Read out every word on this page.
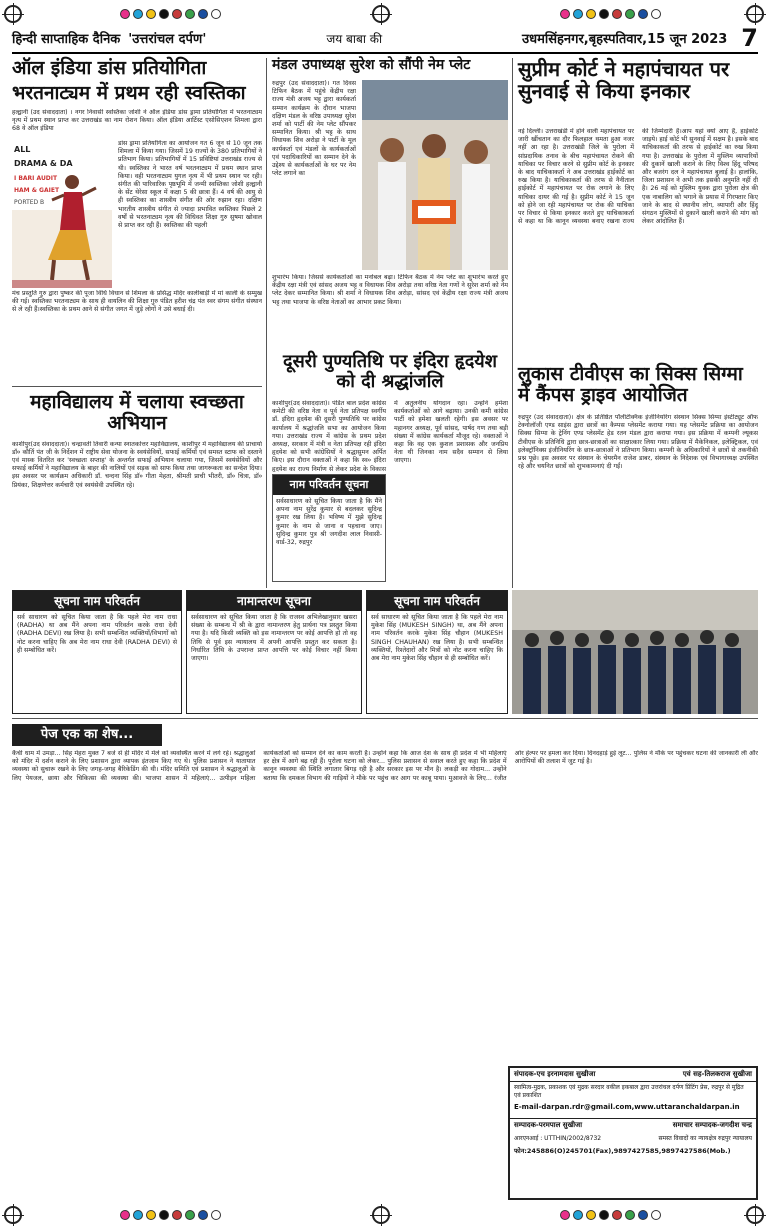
हिन्दी साप्ताहिक दैनिक 'उत्तरांचल दर्पण'	जय बाबा की	उधमसिंहनगर,बृहस्पतिवार,15 जून 2023 7
ऑल इंडिया डांस प्रतियोगिता
भरतनाट्यम में प्रथम रही स्वस्तिका
हल्द्वानी (उद संवाददाता) । नगर निवासी स्वस्तिका जोशी ने ऑल इंडिया डांस ड्रामा प्रतियोगिता में भरतनाट्यम नृत्य में प्रथम स्थान प्राप्त कर उत्तराखंड का नाम रोशन किया। ऑल इंडिया आर्टिस्ट एसोसिएशन शिमला द्वारा 68 वे ऑल इंडिया
ALL
DRAMA & DA
I BARI AUDIT
HAM & GAIET
PORTED B
डांस ड्रामा प्रतियोगिता का आयोजन गत 6 जून से 10 जून तक शिमला में किया गया। जिसमें 19 राज्यों के 380 प्रतिभागियों ने प्रतिभाग किया। प्रतिभागियों में 15 प्रविष्टियां उत्तराखंड राज्य से थी। स्वस्तिका ने भारत वर्ष भरतनाट्यम में प्रथम स्थान प्राप्त किया। वही भरतनाट्यम युगल नृत्य में भी प्रथम स्थान पर रही। संगीत की पारिवारिक पृष्ठभूमि में जन्मी स्वस्तिका जोशी हल्द्वानी के सेंट थेरेसा स्कूल में कक्षा 5 की छात्रा हैं। 4 वर्ष की आयु से ही स्वस्तिका का शास्त्रीय संगीत की ओर रुझान रहा। दक्षिण भारतीय शास्त्रीय संगीत से ज्यादा प्रभावित स्वस्तिका पिछले 2 वर्षों से भरतनाट्यम नृत्य की विधिवत शिक्षा गुरु सुषमा खोवाल से प्राप्त कर रही हैं। स्वस्तिका की पहली
मंच प्रस्तुति गुरु द्वारा पुष्कर की पूजा विधि विधान से शिमला के प्रसिद्ध मंदिर कालीबाड़ी में मां काली के सम्मुख की गई। स्वस्तिका भरतनाट्यम के साथ ही वायलिन की शिक्षा गुरु पंडित हरीश चंद्र पंत स्वर संगम संगीत संस्थान से ले रही हैं।स्वस्तिका के प्रथम आने से संगीत जगत में जुड़े लोगों ने उसे बधाई दी।
महाविद्यालय में चलाया स्वच्छता अभियान
काशीपुर(उद संवाददाता)। चन्द्रावती तिवारी कन्या स्नातकोत्तर महाविद्यालय, काशीपुर में महाविद्यालय की प्राचार्या डॉ० कौर्ति पंत जी के निर्देशन में राष्ट्रीय सेवा योजना के स्वयंसेवियों, सफाई कर्मियों एवं समस्त स्टाफ को दस्ताने एवं मास्क वितरित कर 'स्वच्छता सप्ताह' के अन्तर्गत सफाई अभियान चलाया गया, जिसमें स्वयंसेवियों और सफाई कर्मियों ने महाविद्यालय के बाहर की नालियों एवं सड़क को साफ किया तथा जागरूकता का सन्देश दिया। इस अवसर पर कार्यक्रम अधिकारी डॉ. चन्दना सिंह डॉ० गीता मेहता, श्रीमती प्राची भीतरी, डॉ० चित्रा, डॉ० प्रियंका, शिक्षणेत्तर कर्मचारी एवं स्वयंसेवी उपस्थित रहे।
मंडल उपाध्यक्ष सुरेश को सौंपी नेम प्लेट
रुद्रपुर (उद संवाददाता)। गत दिवस टिफिन बैठक में पहुंचे केंद्रीय रक्षा राज्य मंत्री अजय भट्ट द्वारा कार्यकर्ता सम्मान कार्यक्रम के दौरान भाजपा दक्षिण मंडल के वरिष्ठ उपाध्यक्ष सुरेश शर्मा को पार्टी की नेम प्लेट सौंपकर सम्मानित किया। श्री भट्ट के साथ विधायक शिव अरोड़ा ने पार्टी के मूल कार्यकर्ता एवं मंडलों के कार्यकर्ताओं एवं पदाधिकारियों का सम्मान देने के उद्देश्य से कार्यकर्ताओं के घर पर नेम प्लेट लगाने का
शुभारंभ किया। जिससे कार्यकर्ताओं का मनोबल बढ़ा। टिफिन बैठक में नेम प्लेट का शुभारंभ करते हुए केंद्रीय रक्षा मंत्री एवं सांसद अजय भट्ट व विधायक शिव अरोड़ा तथा वरिष्ठ नेता गणों ने सुरेश शर्मा को नेम प्लेट देकर सम्मानित किया। श्री शर्मा ने विधायक शिव अरोड़ा, सांसद एवं केंद्रीय रक्षा राज्य मंत्री अजय भट्ट तथा भाजपा के वरिष्ठ नेताओं का आभार प्रकट किया।
दूसरी पुण्यतिथि पर इंदिरा हृदयेश को दी श्रद्धांजलि
काशीपुर(उद संवाददाता)। पंडित बाल प्रदेश कांग्रेस कमेटी की वरिष्ठ नेता व पूर्व नेता प्रतिपक्ष स्वर्गीय डॉ. इंदिरा हृदयेश की दूसरी पुण्यतिथि पर कांग्रेस कार्यालय में श्रद्धांजलि सभा का आयोजन किया गया। उत्तराखंड राज्य में कांग्रेस के प्रथम प्रदेश अध्यक्ष, सरकार में मंत्री व नेता प्रतिपक्ष रही इंदिरा हृदयेश को सभी कांग्रेसियों ने श्रद्धासुमन अर्पित किए। इस दौरान वक्ताओं ने कहा कि स्व० इंदिरा हृदयेश का राज्य निर्माण से लेकर प्रदेश के विकास में अतुलनीय योगदान रहा। उन्होंने हमेशा कार्यकर्ताओं को आगे बढ़ाया। उनकी कमी कांग्रेस पार्टी को हमेशा खलती रहेगी। इस अवसर पर महानगर अध्यक्ष, पूर्व सांसद, पार्षद गण तथा बड़ी संख्या में कांग्रेस कार्यकर्ता मौजूद रहे। वक्ताओं ने कहा कि वह एक कुशल प्रशासक और जनप्रिय नेता थी जिनका नाम सदैव सम्मान से लिया जाएगा।
नाम परिवर्तन सूचना
सर्वसाधारण को सूचित किया जाता है कि मैंने अपना नाम सुरेंद्र कुमार से बदलकर सुदिन्द्र कुमार रख लिया है। भविष्य में मुझे सुदिन्द्र कुमार के नाम से जाना व पहचाना जाए। सुदिन्द्र कुमार पुत्र श्री जगदीश लाल निवासी-वार्ड-32, रुद्रपुर
सुप्रीम कोर्ट ने महापंचायत पर सुनवाई से किया इनकार
नई दिल्ली। उत्तराखंडी में होने वाली महापंचायत पर जारी खींचतान का दौर फिलहाल थमता हुआ नजर नहीं आ रहा है। उत्तराखंडी जिले के पुरोला में सांप्रदायिक तनाव के बीच महापंचायत रोकने की याचिका पर विचार करने से सुप्रीम कोर्ट के इनकार के बाद याचिकाकर्ता ने अब उत्तराखंड हाईकोर्ट का रुख किया है। याचिकाकर्ता की तरफ से नैनीताल हाईकोर्ट में महापंचायत पर रोक लगाने के लिए याचिका दायर की गई है। सुप्रीम कोर्ट ने 15 जून को होने जा रही महापंचायत पर रोक की याचिका पर विचार से किया इनकार करते हुए याचिकाकर्ता से कहा था कि कानून व्यवस्था बनाए रखना राज्य की जिम्मेदारी है।आप यहां क्यों आए हैं, हाईकोर्ट जाइये। हाई कोर्ट भी सुनवाई में सक्षम है। इसके बाद याचिकाकर्ता की तरफ से हाईकोर्ट का रुख किया गया है। उत्तराखंड के पुरोला में मुस्लिम व्यापारियों की दुकानें खाली कराने के लिए विश्व हिंदू परिषद और बजरंग दल ने महापंचायत बुलाई है। हालांकि, जिला प्रशासन ने अभी तक इसकी अनुमति नहीं दी है। 26 मई को मुस्लिम युवक द्वारा पुरोला क्षेत्र की एक नाबालिग को भगाने के प्रयास में गिरफ्तार किए जाने के बाद से स्थानीय लोग, व्यापारी और हिंदू संगठन मुस्लिमों से दुकानें खाली कराने की मांग को लेकर आंदोलित हैं।
लुकास टीवीएस का सिक्स सिग्मा में कैंपस ड्राइव आयोजित
रुद्रपुर (उद संवाददाता)। क्षेत्र के प्रतिष्ठित पॉलीटेक्निक इंजीनियरिंग संस्थान सिक्स सिग्मा इंस्टीट्यूट ऑफ टेक्नोलॉजी एण्ड साइंस द्वारा छात्रों का कैम्पस प्लेसमेंट कराया गया। यह प्लेसमेंट प्रक्रिया का आयोजन सिक्स सिग्मा के ट्रेनिंग एण्ड प्लेसमेंट हेड रतन मंडल द्वारा कराया गया। इस प्रक्रिया में कम्पनी ल्यूकस टीवीएस के प्रतिनिधि द्वारा छात्र-छात्राओं का साक्षात्कार लिया गया। प्रक्रिया में मैकेनिकल, इलेक्ट्रिकल, एवं इलेक्ट्रॉनिक्स इंजीनियरिंग के छात्र-छात्राओं ने प्रतिभाग किया। कम्पनी के अधिकारियों ने छात्रों से तकनीकी प्रश्न पूछे। इस अवसर पर संस्थान के चेयरमैन राजेश डाबर, संस्थान के निदेशक एवं विभागाध्यक्ष उपस्थित रहे और चयनित छात्रों को शुभकामनाएं दी गईं।
सूचना नाम परिवर्तन
सर्व साधारण को सूचित किया जाता है कि पहले मेरा नाम राधा (RADHA) था अब मैंने अपना नाम परिवर्तन करके राधा देवी (RADHA DEVI) रख लिया है। सभी सम्बन्धित व्यक्तियों/विभागों को नोट करना चाहिए कि अब मेरा नाम राधा देवी (RADHA DEVI) से ही सम्बोधित करें।
नामान्तरण सूचना
सर्वसाधारण को सूचित किया जाता है कि राजस्व अभिलेखानुसार खसरा संख्या के सम्बन्ध में श्री के द्वारा नामान्तरण हेतु प्रार्थना पत्र प्रस्तुत किया गया है। यदि किसी व्यक्ति को इस नामान्तरण पर कोई आपत्ति हो तो वह तिथि से पूर्व इस न्यायालय में अपनी आपत्ति प्रस्तुत कर सकता है। निर्धारित तिथि के उपरान्त प्राप्त आपत्ति पर कोई विचार नहीं किया जाएगा।
सूचना नाम परिवर्तन
सर्व साधारण को सूचित किया जाता है कि पहले मेरा नाम मुकेश सिंह (MUKESH SINGH) था, अब मैंने अपना नाम परिवर्तन करके मुकेश सिंह चौहान (MUKESH SINGH CHAUHAN) रख लिया है। सभी सम्बन्धित व्यक्तियों, रिश्तेदारों और मित्रों को नोट करना चाहिए कि अब मेरा नाम मुकेश सिंह चौहान से ही सम्बोधित करें।
पेज एक का शेष...
कैंची धाम में उमड़ा... सिंह मेहरा मुक्त 7 बजे से ही मंदिर में मेले को व्यवस्थित करने में लगे रहे। श्रद्धालुओं को मंदिर में दर्शन कराने के लिए प्रशासन द्वारा व्यापक इंतजाम किए गए थे। पुलिस प्रशासन ने यातायात व्यवस्था को सुचारू रखने के लिए जगह-जगह बैरिकेडिंग की थी। मंदिर समिति एवं प्रशासन ने श्रद्धालुओं के लिए पेयजल, छाया और चिकित्सा की व्यवस्था की। भाजपा शासन में महिलाएं... उत्पीड़न महिला कार्यकर्ताओं को सम्मान देने का काम करती है। उन्होंने कहा कि आज देश के साथ ही प्रदेश में भी महिलाएं हर क्षेत्र में आगे बढ़ रही हैं। पुरोला घटना को लेकर... पुलिस प्रशासन से सवाल करते हुए कहा कि प्रदेश में कानून व्यवस्था की स्थिति लगातार बिगड़ रही है और सरकार इस पर मौन है। लकड़ी का गोदाम... उन्होंने बताया कि दमकल विभाग की गाड़ियों ने मौके पर पहुंच कर आग पर काबू पाया। मुआवजे के लिए... रंजीत ओर हेल्पर पर हमला कर दिया। दिनदहाड़े हुई लूट... पुलिस ने मौके पर पहुंचकर घटना की जानकारी ली और आरोपियों की तलाश में जुट गई है।
संपादक-एच इरनामदास सुखीजा	एवं सह-तिलकराज सुखीजा
स्वामित्व-मुद्रक, प्रकाशक एवं मुद्रक सरदार वकील इकबाल द्वारा उत्तरांचल दर्पण प्रिंटिंग प्रेस, रुद्रपुर से मुद्रित एवं प्रकाशित
E-mail-darpan.rdr@gmail.com,www.uttaranchaldarpan.in
सम्पादक-परमपाल सुखीजा	समाचार सम्पादक-जगदीश चन्द्र
आरएनआई : UTTHIN/2002/8732	समस्त विवादों का न्यायक्षेत्र रुद्रपुर न्यायालय
फोन:245886(O)245701(Fax),9897427585,9897427586(Mob.)
